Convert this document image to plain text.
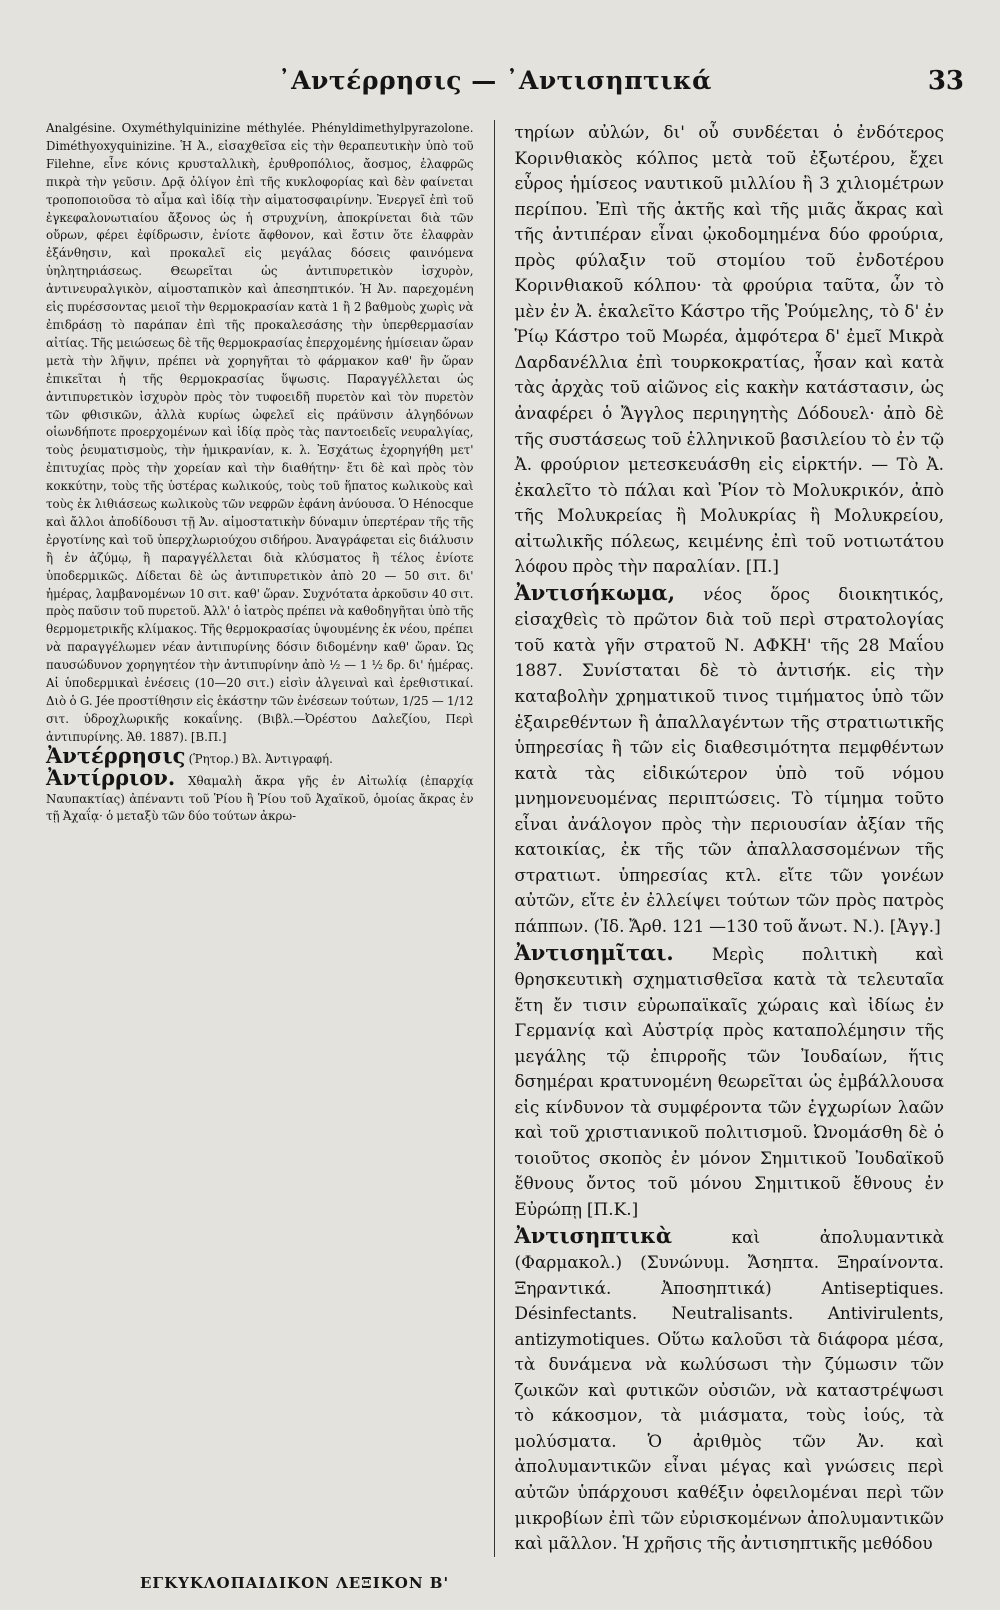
᾿Αντέρρησις — ᾿Αντισηπτικά	33

Analgésine. Oxyméthylquinizine méthylée. Phényldimethylpyrazolone. Diméthyoxyquinizine. Ἡ Ἀ., εἰσαχθεῖσα εἰς τὴν θεραπευτικὴν ὑπὸ τοῦ Filehne, εἶνε κόνις κρυσταλλικὴ, ἐρυθροπόλιος, ἄοσμος, ἐλαφρῶς πικρὰ τὴν γεῦσιν. Δρᾷ ὀλίγον ἐπὶ τῆς κυκλοφορίας καὶ δὲν φαίνεται τροποποιοῦσα τὸ αἷμα καὶ ἰδίᾳ τὴν αἱματοσφαιρίνην. Ἐνεργεῖ ἐπὶ τοῦ ἐγκεφαλονωτιαίου ἄξονος ὡς ἡ στρυχνίνη, ἀποκρίνεται διὰ τῶν οὔρων, φέρει ἐφίδρωσιν, ἐνίοτε ἄφθονον, καὶ ἔστιν ὅτε ἐλαφρὰν ἐξάνθησιν, καὶ προκαλεῖ εἰς μεγάλας δόσεις φαινόμενα ὑηλητηριάσεως. Θεωρεῖται ὡς ἀντιπυρετικὸν ἰσχυρὸν, ἀντινευραλγικὸν, αἱμοσταπικὸν καὶ ἀπεσηπτικόν. Ἡ Ἀν. παρεχομένη εἰς πυρέσσοντας μειοῖ τὴν θερμοκρασίαν κατὰ 1 ἢ 2 βαθμοὺς χωρὶς νὰ ἐπιδράσῃ τὸ παράπαν ἐπὶ τῆς προκαλεσάσης τὴν ὑπερθερμασίαν αἰτίας. Τῆς μειώσεως δὲ τῆς θερμοκρασίας ἐπερχομένης ἡμίσειαν ὥραν μετὰ τὴν λῆψιν, πρέπει νὰ χορηγῆται τὸ φάρμακον καθ' ἣν ὥραν ἐπικεῖται ἡ τῆς θερμοκρασίας ὕψωσις. Παραγγέλλεται ὡς ἀντιπυρετικὸν ἰσχυρὸν πρὸς τὸν τυφοειδῆ πυρετὸν καὶ τὸν πυρετὸν τῶν φθισικῶν, ἀλλὰ κυρίως ὠφελεῖ εἰς πράϋνσιν ἀλγηδόνων οἱωνδήποτε προερχομένων καὶ ἰδίᾳ πρὸς τὰς παντοειδεῖς νευραλγίας, τοὺς ῥευματισμοὺς, τὴν ἡμικρανίαν, κ. λ. Ἐσχάτως ἐχορηγήθη μετ' ἐπιτυχίας πρὸς τὴν χορείαν καὶ τὴν διαθήτην· ἔτι δὲ καὶ πρὸς τὸν κοκκύτην, τοὺς τῆς ὑστέρας κωλικούς, τοὺς τοῦ ἥπατος κωλικοὺς καὶ τοὺς ἐκ λιθιάσεως κωλικοὺς τῶν νεφρῶν ἐφάνη ἀνύουσα. Ὁ Hénocque καὶ ἄλλοι ἀποδίδουσι τῇ Ἀν. αἱμοστατικὴν δύναμιν ὑπερτέραν τῆς τῆς ἐργοτίνης καὶ τοῦ ὑπερχλωριούχου σιδήρου. Ἀναγράφεται εἰς διάλυσιν ἢ ἐν ἀζύμῳ, ἢ παραγγέλλεται διὰ κλύσματος ἢ τέλος ἐνίοτε ὑποδερμικῶς. Δίδεται δὲ ὡς ἀντιπυρετικὸν ἀπὸ 20 — 50 σιτ. δι' ἡμέρας, λαμβανομένων 10 σιτ. καθ' ὥραν. Συχνότατα ἀρκοῦσιν 40 σιτ. πρὸς παῦσιν τοῦ πυρετοῦ. Ἀλλ' ὁ ἰατρὸς πρέπει νὰ καθοδηγῆται ὑπὸ τῆς θερμομετρικῆς κλίμακος. Τῆς θερμοκρασίας ὑψουμένης ἐκ νέου, πρέπει νὰ παραγγέλωμεν νέαν ἀντιπυρίνης δόσιν διδομένην καθ' ὥραν. Ὡς παυσώδυνον χορηγητέον τὴν ἀντιπυρίνην ἀπὸ ½ — 1 ½ δρ. δι' ἡμέρας. Αἱ ὑποδερμικαὶ ἐνέσεις (10—20 σιτ.) εἰσὶν ἀλγειναὶ καὶ ἐρεθιστικαί. Διὸ ὁ G. Jée προστίθησιν εἰς ἑκάστην τῶν ἐνέσεων τούτων, 1/25 — 1/12 σιτ. ὑδροχλωρικῆς κοκαΐνης. (Βιβλ.—Ὀρέστου Δαλεζίου, Περὶ ἀντιπυρίνης. Ἀθ. 1887). [Β.Π.]

Ἀντέρρησις (Ῥητορ.) Βλ. Ἀντιγραφή.

Ἀντίρριον. Χθαμαλὴ ἄκρα γῆς ἐν Αἰτωλίᾳ (ἐπαρχίᾳ Ναυπακτίας) ἀπέναντι τοῦ Ῥίου ἢ Ῥίου τοῦ Ἀχαϊκοῦ, ὁμοίας ἄκρας ἐν τῇ Ἀχαΐᾳ· ὁ μεταξὺ τῶν δύο τούτων ἀκρω-

τηρίων αὐλών, δι' οὗ συνδέεται ὁ ἐνδότερος Κορινθιακὸς κόλπος μετὰ τοῦ ἐξωτέρου, ἔχει εὖρος ἡμίσεος ναυτικοῦ μιλλίου ἢ 3 χιλιομέτρων περίπου. Ἐπὶ τῆς ἀκτῆς καὶ τῆς μιᾶς ἄκρας καὶ τῆς ἀντιπέραν εἶναι ᾠκοδομημένα δύο φρούρια, πρὸς φύλαξιν τοῦ στομίου τοῦ ἐνδοτέρου Κορινθιακοῦ κόλπου· τὰ φρούρια ταῦτα, ὧν τὸ μὲν ἐν Ἀ. ἐκαλεῖτο Κάστρο τῆς Ῥούμελης, τὸ δ' ἐν Ῥίῳ Κάστρο τοῦ Μωρέα, ἀμφότερα δ' ἐμεῖ Μικρὰ Δαρδανέλλια ἐπὶ τουρκοκρατίας, ἦσαν καὶ κατὰ τὰς ἀρχὰς τοῦ αἰῶνος εἰς κακὴν κατάστασιν, ὡς ἀναφέρει ὁ Ἄγγλος περιηγητὴς Δόδουελ· ἀπὸ δὲ τῆς συστάσεως τοῦ ἑλληνικοῦ βασιλείου τὸ ἐν τῷ Ἀ. φρούριον μετεσκευάσθη εἰς εἱρκτήν. — Τὸ Ἀ. ἐκαλεῖτο τὸ πάλαι καὶ Ῥίον τὸ Μολυκρικόν, ἀπὸ τῆς Μολυκρείας ἢ Μολυκρίας ἢ Μολυκρείου, αἰτωλικῆς πόλεως, κειμένης ἐπὶ τοῦ νοτιωτάτου λόφου πρὸς τὴν παραλίαν. [Π.]

Ἀντισήκωμα, νέος ὅρος διοικητικός, εἰσαχθεὶς τὸ πρῶτον διὰ τοῦ περὶ στρατολογίας τοῦ κατὰ γῆν στρατοῦ Ν. ΑΦΚΗ' τῆς 28 Μαΐου 1887. Συνίσταται δὲ τὸ ἀντισήκ. εἰς τὴν καταβολὴν χρηματικοῦ τινος τιμήματος ὑπὸ τῶν ἐξαιρεθέντων ἢ ἀπαλλαγέντων τῆς στρατιωτικῆς ὑπηρεσίας ἢ τῶν εἰς διαθεσιμότητα πεμφθέντων κατὰ τὰς εἰδικώτερον ὑπὸ τοῦ νόμου μνημονευομένας περιπτώσεις. Τὸ τίμημα τοῦτο εἶναι ἀνάλογον πρὸς τὴν περιουσίαν ἀξίαν τῆς κατοικίας, ἐκ τῆς τῶν ἀπαλλασσομένων τῆς στρατιωτ. ὑπηρεσίας κτλ. εἴτε τῶν γονέων αὐτῶν, εἴτε ἐν ἐλλείψει τούτων τῶν πρὸς πατρὸς πάππων. (Ἰδ. Ἄρθ. 121 —130 τοῦ ἄνωτ. Ν.). [Ἀγγ.]

Ἀντισημῖται. Μερὶς πολιτικὴ καὶ θρησκευτικὴ σχηματισθεῖσα κατὰ τὰ τελευταῖα ἔτη ἔν τισιν εὐρωπαϊκαῖς χώραις καὶ ἰδίως ἐν Γερμανίᾳ καὶ Αὐστρίᾳ πρὸς καταπολέμησιν τῆς μεγάλης τῷ ἐπιρροῆς τῶν Ἰουδαίων, ἥτις δσημέραι κρατυνομένη θεωρεῖται ὡς ἐμβάλλουσα εἰς κίνδυνον τὰ συμφέροντα τῶν ἐγχωρίων λαῶν καὶ τοῦ χριστιανικοῦ πολιτισμοῦ. Ὠνομάσθη δὲ ὁ τοιοῦτος σκοπὸς ἐν μόνον Σημιτικοῦ Ἰουδαϊκοῦ ἔθνους ὄντος τοῦ μόνου Σημιτικοῦ ἔθνους ἐν Εὐρώπῃ [Π.Κ.]

Ἀντισηπτικὰ καὶ ἀπολυμαντικὰ (Φαρμακολ.) (Συνώνυμ. Ἄσηπτα. Ξηραίνοντα. Ξηραντικά. Ἀποσηπτικά) Antiseptiques. Désinfectants. Neutralisants. Antivirulents, antizymotiques. Οὕτω καλοῦσι τὰ διάφορα μέσα, τὰ δυνάμενα νὰ κωλύσωσι τὴν ζύμωσιν τῶν ζωικῶν καὶ φυτικῶν οὐσιῶν, νὰ καταστρέψωσι τὸ κάκοσμον, τὰ μιάσματα, τοὺς ἰούς, τὰ μολύσματα. Ὁ ἀριθμὸς τῶν Ἀν. καὶ ἀπολυμαντικῶν εἶναι μέγας καὶ γνώσεις περὶ αὐτῶν ὑπάρχουσι καθέξιν ὀφειλομέναι περὶ τῶν μικροβίων ἐπὶ τῶν εὐρισκομένων ἀπολυμαντικῶν καὶ μᾶλλον. Ἡ χρῆσις τῆς ἀντισηπτικῆς μεθόδου

ΕΓΚΥΚΛΟΠΑΙΔΙΚΟΝ ΛΕΞΙΚΟΝ Β'
